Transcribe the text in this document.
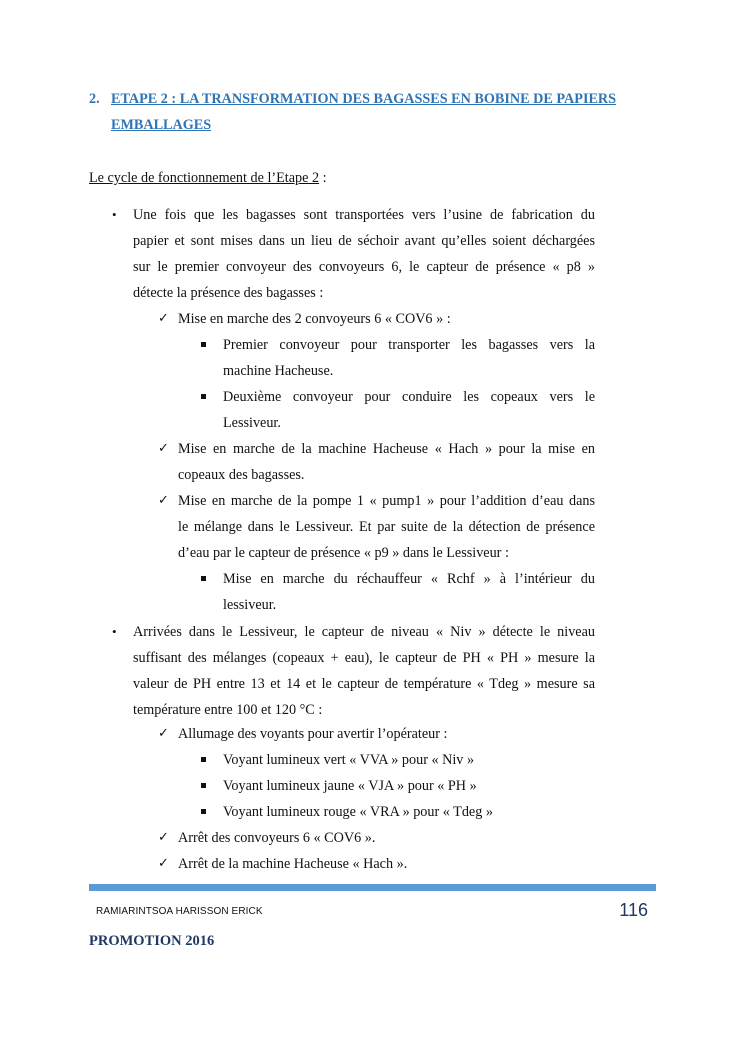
2. ETAPE 2 : LA TRANSFORMATION DES BAGASSES EN BOBINE DE PAPIERS EMBALLAGES
Le cycle de fonctionnement de l’Etape 2 :
• Une fois que les bagasses sont transportées vers l’usine de fabrication du
papier et sont mises dans un lieu de séchoir avant qu’elles soient déchargées
sur le premier convoyeur des convoyeurs 6, le capteur de présence « p8 »
détecte la présence des bagasses :
✓ Mise en marche des 2 convoyeurs 6 « COV6 » :
Premier convoyeur pour transporter les bagasses vers la
machine Hacheuse.
Deuxième convoyeur pour conduire les copeaux vers le
Lessiveur.
✓ Mise en marche de la machine Hacheuse « Hach » pour la mise en
copeaux des bagasses.
✓ Mise en marche de la pompe 1 « pump1 » pour l’addition d’eau dans
le mélange dans le Lessiveur. Et par suite de la détection de présence
d’eau par le capteur de présence « p9 » dans le Lessiveur :
Mise en marche du réchauffeur « Rchf » à l’intérieur du
lessiveur.
• Arrivées dans le Lessiveur, le capteur de niveau « Niv » détecte le niveau
suffisant des mélanges (copeaux + eau), le capteur de PH « PH » mesure la
valeur de PH entre 13 et 14 et le capteur de température « Tdeg » mesure sa
température entre 100 et 120 °C :
✓ Allumage des voyants pour avertir l’opérateur :
Voyant lumineux vert « VVA » pour « Niv »
Voyant lumineux jaune « VJA » pour « PH »
Voyant lumineux rouge « VRA » pour « Tdeg »
✓ Arrêt des convoyeurs 6 « COV6 ».
✓ Arrêt de la machine Hacheuse « Hach ».
RAMIARINTSOA HARISSON ERICK	116
PROMOTION 2016
